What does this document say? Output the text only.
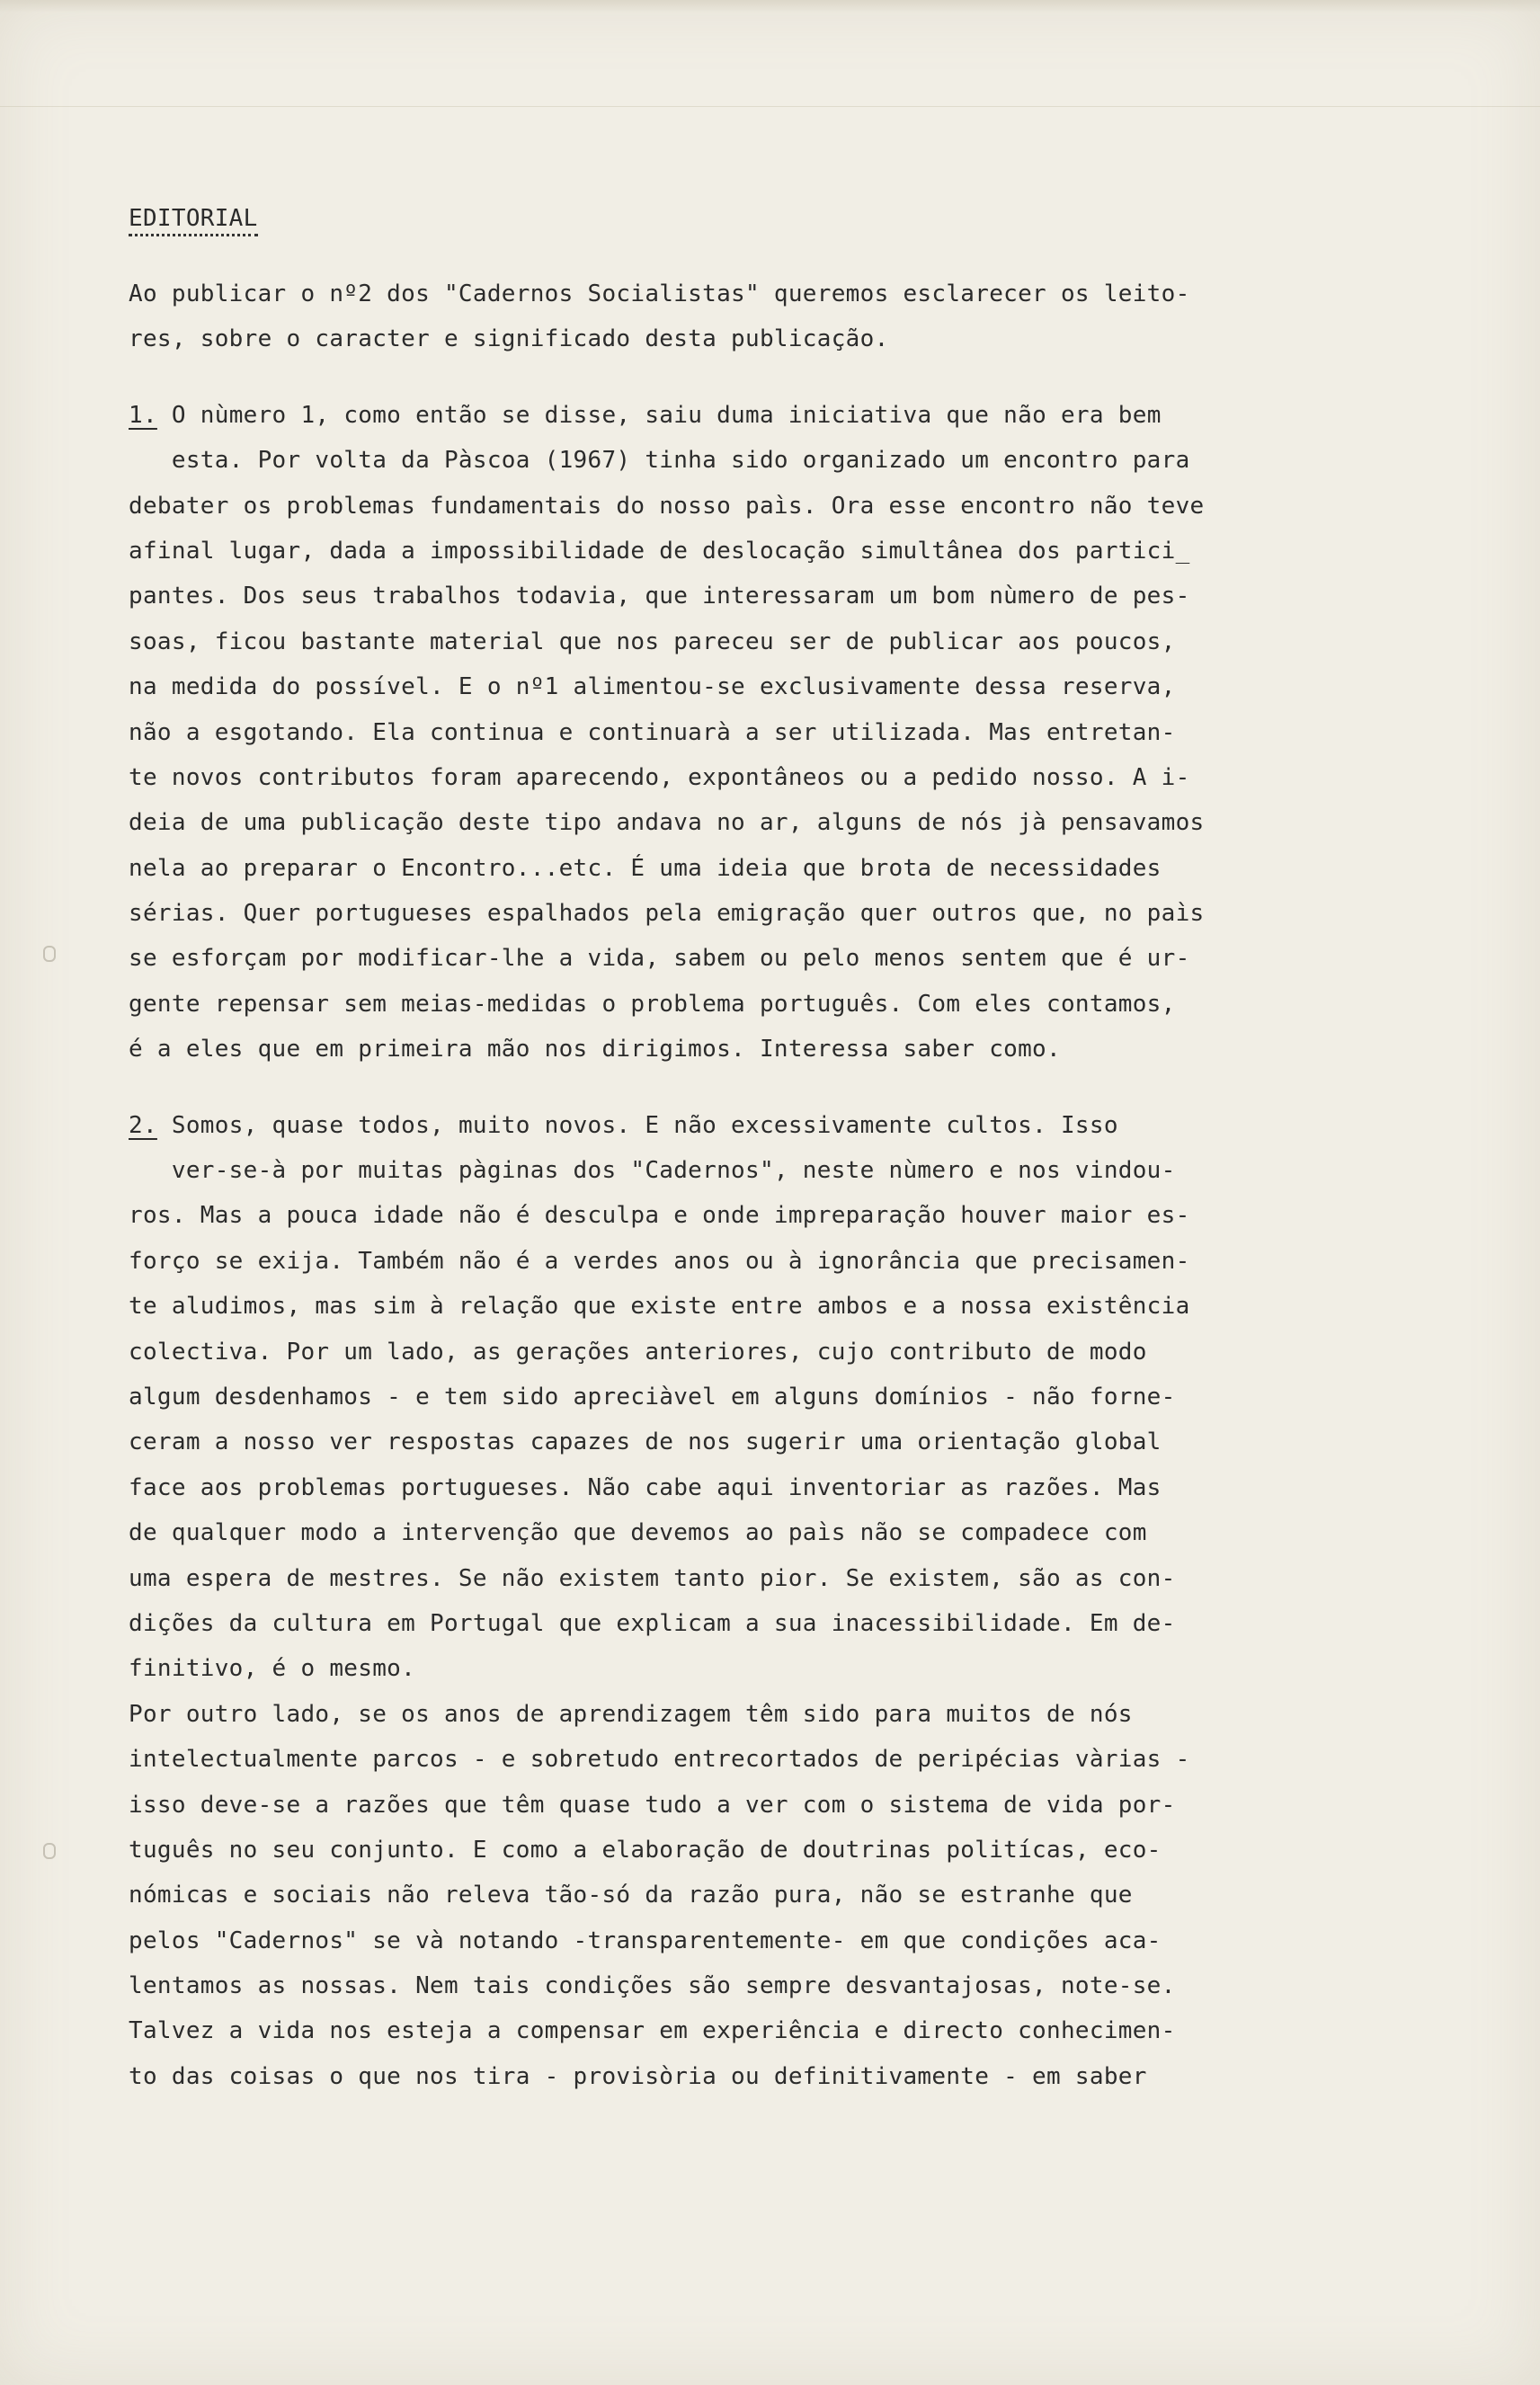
EDITORIAL
Ao publicar o nº2 dos "Cadernos Socialistas" queremos esclarecer os leito-
res, sobre o caracter e significado desta publicação.
1. O nùmero 1, como então se disse, saiu duma iniciativa que não era bem
esta. Por volta da Pàscoa (1967) tinha sido organizado um encontro para
debater os problemas fundamentais do nosso paìs. Ora esse encontro não teve
afinal lugar, dada a impossibilidade de deslocação simultânea dos partici_
pantes. Dos seus trabalhos todavia, que interessaram um bom nùmero de pes-
soas, ficou bastante material que nos pareceu ser de publicar aos poucos,
na medida do possível. E o nº1 alimentou-se exclusivamente dessa reserva,
não a esgotando. Ela continua e continuarà a ser utilizada. Mas entretan-
te novos contributos foram aparecendo, expontâneos ou a pedido nosso. A i-
deia de uma publicação deste tipo andava no ar, alguns de nós jà pensavamos
nela ao preparar o Encontro...etc. É uma ideia que brota de necessidades
sérias. Quer portugueses espalhados pela emigração quer outros que, no paìs
se esforçam por modificar-lhe a vida, sabem ou pelo menos sentem que é ur-
gente repensar sem meias-medidas o problema português. Com eles contamos,
é a eles que em primeira mão nos dirigimos. Interessa saber como.
2. Somos, quase todos, muito novos. E não excessivamente cultos. Isso
ver-se-à por muitas pàginas dos "Cadernos", neste nùmero e nos vindou-
ros. Mas a pouca idade não é desculpa e onde impreparação houver maior es-
forço se exija. Também não é a verdes anos ou à ignorância que precisamen-
te aludimos, mas sim à relação que existe entre ambos e a nossa existência
colectiva. Por um lado, as gerações anteriores, cujo contributo de modo
algum desdenhamos - e tem sido apreciàvel em alguns domínios - não forne-
ceram a nosso ver respostas capazes de nos sugerir uma orientação global
face aos problemas portugueses. Não cabe aqui inventoriar as razões. Mas
de qualquer modo a intervenção que devemos ao paìs não se compadece com
uma espera de mestres. Se não existem tanto pior. Se existem, são as con-
dições da cultura em Portugal que explicam a sua inacessibilidade. Em de-
finitivo, é o mesmo.
Por outro lado, se os anos de aprendizagem têm sido para muitos de nós
intelectualmente parcos - e sobretudo entrecortados de peripécias vàrias -
isso deve-se a razões que têm quase tudo a ver com o sistema de vida por-
tuguês no seu conjunto. E como a elaboração de doutrinas politícas, eco-
nómicas e sociais não releva tão-só da razão pura, não se estranhe que
pelos "Cadernos" se và notando -transparentemente- em que condições aca-
lentamos as nossas. Nem tais condições são sempre desvantajosas, note-se.
Talvez a vida nos esteja a compensar em experiência e directo conhecimen-
to das coisas o que nos tira - provisòria ou definitivamente - em saber
